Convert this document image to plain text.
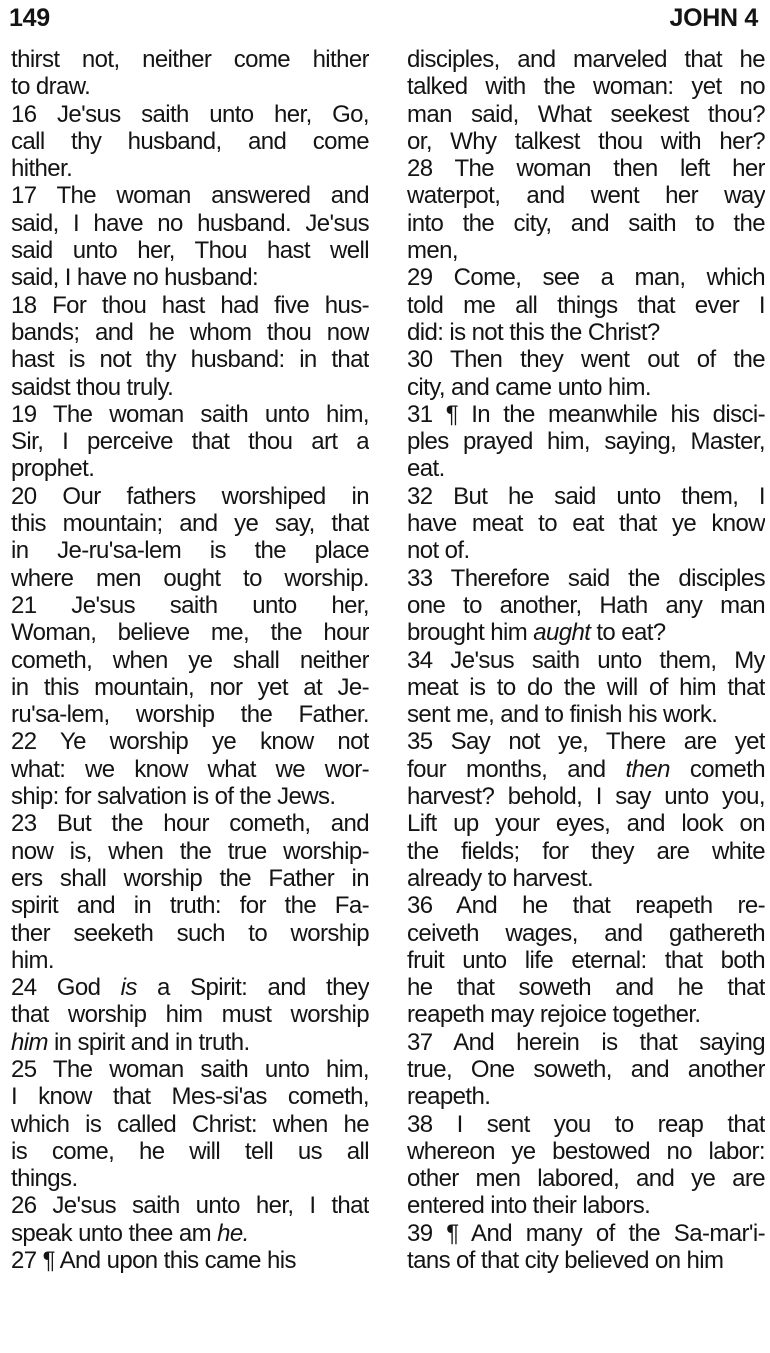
149	JOHN 4
thirst not, neither come hither
to draw.
16 Je'sus saith unto her, Go,
call thy husband, and come
hither.
17 The woman answered and
said, I have no husband. Je'sus
said unto her, Thou hast well
said, I have no husband:
18 For thou hast had five hus-
bands; and he whom thou now
hast is not thy husband: in that
saidst thou truly.
19 The woman saith unto him,
Sir, I perceive that thou art a
prophet.
20 Our fathers worshiped in
this mountain; and ye say, that
in Je-ru'sa-lem is the place
where men ought to worship.
21 Je'sus saith unto her,
Woman, believe me, the hour
cometh, when ye shall neither
in this mountain, nor yet at Je-
ru'sa-lem, worship the Father.
22 Ye worship ye know not
what: we know what we wor-
ship: for salvation is of the Jews.
23 But the hour cometh, and
now is, when the true worship-
ers shall worship the Father in
spirit and in truth: for the Fa-
ther seeketh such to worship
him.
24 God is a Spirit: and they
that worship him must worship
him in spirit and in truth.
25 The woman saith unto him,
I know that Mes-si'as cometh,
which is called Christ: when he
is come, he will tell us all
things.
26 Je'sus saith unto her, I that
speak unto thee am he.
27 ¶ And upon this came his
disciples, and marveled that he
talked with the woman: yet no
man said, What seekest thou?
or, Why talkest thou with her?
28 The woman then left her
waterpot, and went her way
into the city, and saith to the
men,
29 Come, see a man, which
told me all things that ever I
did: is not this the Christ?
30 Then they went out of the
city, and came unto him.
31 ¶ In the meanwhile his disci-
ples prayed him, saying, Master,
eat.
32 But he said unto them, I
have meat to eat that ye know
not of.
33 Therefore said the disciples
one to another, Hath any man
brought him aught to eat?
34 Je'sus saith unto them, My
meat is to do the will of him that
sent me, and to finish his work.
35 Say not ye, There are yet
four months, and then cometh
harvest? behold, I say unto you,
Lift up your eyes, and look on
the fields; for they are white
already to harvest.
36 And he that reapeth re-
ceiveth wages, and gathereth
fruit unto life eternal: that both
he that soweth and he that
reapeth may rejoice together.
37 And herein is that saying
true, One soweth, and another
reapeth.
38 I sent you to reap that
whereon ye bestowed no labor:
other men labored, and ye are
entered into their labors.
39 ¶ And many of the Sa-mar'i-
tans of that city believed on him
